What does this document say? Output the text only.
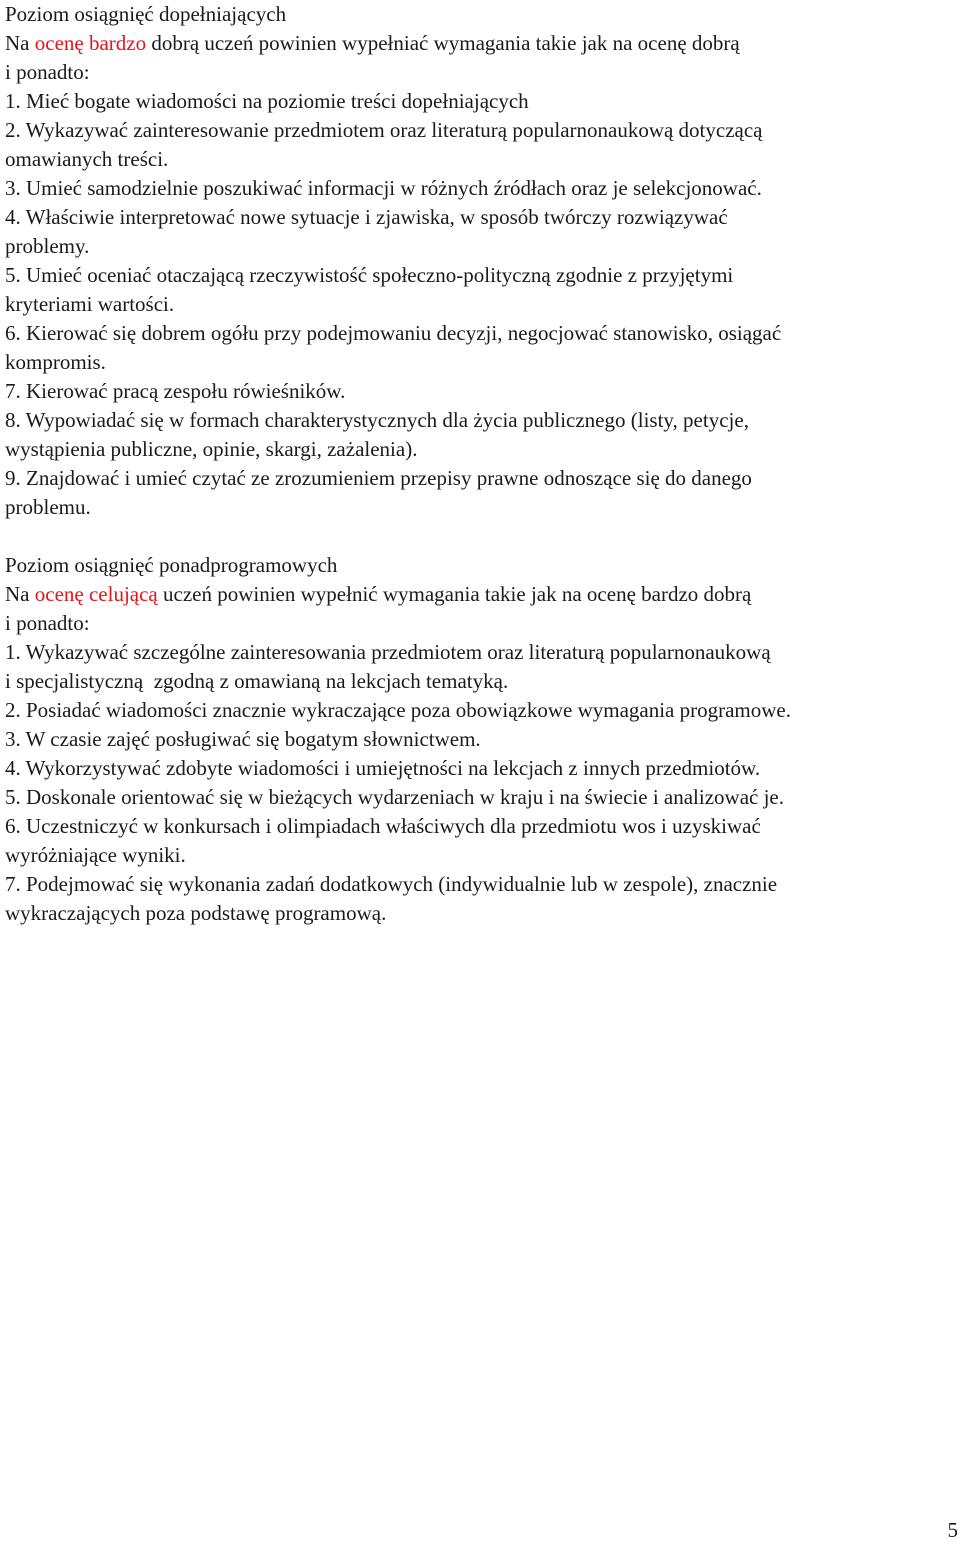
Poziom osiągnięć dopełniających
Na ocenę bardzo dobrą uczeń powinien wypełniać wymagania takie jak na ocenę dobrą
i ponadto:
1. Mieć bogate wiadomości na poziomie treści dopełniających
2. Wykazywać zainteresowanie przedmiotem oraz literaturą popularnonaukową dotyczącą
omawianych treści.
3. Umieć samodzielnie poszukiwać informacji w różnych źródłach oraz je selekcjonować.
4. Właściwie interpretować nowe sytuacje i zjawiska, w sposób twórczy rozwiązywać
problemy.
5. Umieć oceniać otaczającą rzeczywistość społeczno-polityczną zgodnie z przyjętymi
kryteriami wartości.
6. Kierować się dobrem ogółu przy podejmowaniu decyzji, negocjować stanowisko, osiągać
kompromis.
7. Kierować pracą zespołu rówieśników.
8. Wypowiadać się w formach charakterystycznych dla życia publicznego (listy, petycje,
wystąpienia publiczne, opinie, skargi, zażalenia).
9. Znajdować i umieć czytać ze zrozumieniem przepisy prawne odnoszące się do danego
problemu.
Poziom osiągnięć ponadprogramowych
Na ocenę celującą uczeń powinien wypełnić wymagania takie jak na ocenę bardzo dobrą
i ponadto:
1. Wykazywać szczególne zainteresowania przedmiotem oraz literaturą popularnonaukową
i specjalistyczną  zgodną z omawianą na lekcjach tematyką.
2. Posiadać wiadomości znacznie wykraczające poza obowiązkowe wymagania programowe.
3. W czasie zajęć posługiwać się bogatym słownictwem.
4. Wykorzystywać zdobyte wiadomości i umiejętności na lekcjach z innych przedmiotów.
5. Doskonale orientować się w bieżących wydarzeniach w kraju i na świecie i analizować je.
6. Uczestniczyć w konkursach i olimpiadach właściwych dla przedmiotu wos i uzyskiwać
wyróżniające wyniki.
7. Podejmować się wykonania zadań dodatkowych (indywidualnie lub w zespole), znacznie
wykraczających poza podstawę programową.
5
